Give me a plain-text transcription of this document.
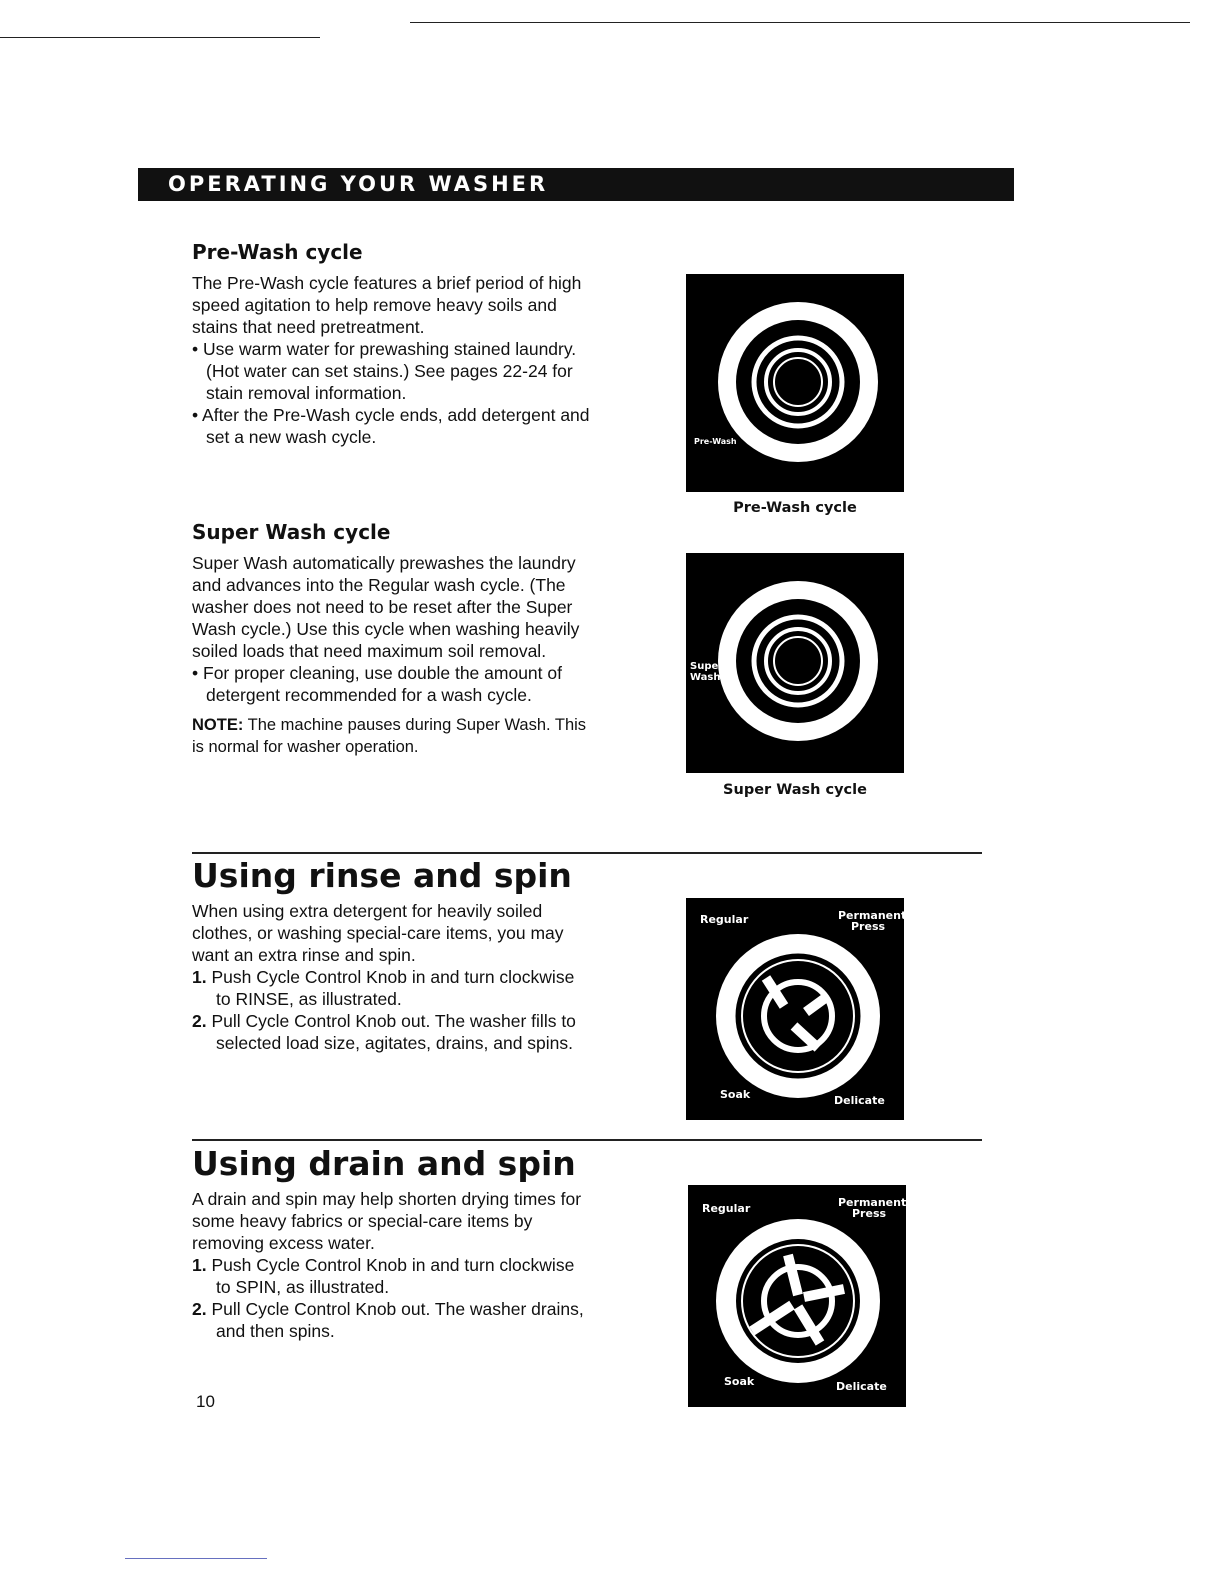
OPERATING YOUR WASHER
Pre-Wash cycle

The Pre-Wash cycle features a brief period of high speed agitation to help remove heavy soils and stains that need pretreatment.

• Use warm water for prewashing stained laundry. (Hot water can set stains.) See pages 22-24 for stain removal information.

• After the Pre-Wash cycle ends, add detergent and set a new wash cycle.	Pre-Wash
Pre-Wash cycle
Super Wash cycle

Super Wash automatically prewashes the laundry and advances into the Regular wash cycle. (The washer does not need to be reset after the Super Wash cycle.) Use this cycle when washing heavily soiled loads that need maximum soil removal.

• For proper cleaning, use double the amount of detergent recommended for a wash cycle.

NOTE: The machine pauses during Super Wash. This is normal for washer operation.

Super
Wash
Super Wash cycle
Using rinse and spin

When using extra detergent for heavily soiled clothes, or washing special-care items, you may want an extra rinse and spin.

1. Push Cycle Control Knob in and turn clockwise to RINSE, as illustrated.

2. Pull Cycle Control Knob out. The washer fills to selected load size, agitates, drains, and spins.

Regular	Permanent
Press
Soak	Delicate
Using drain and spin

A drain and spin may help shorten drying times for some heavy fabrics or special-care items by removing excess water.

1. Push Cycle Control Knob in and turn clockwise to SPIN, as illustrated.

2. Pull Cycle Control Knob out. The washer drains, and then spins.

Regular	Permanent
Press
Soak	Delicate
10
